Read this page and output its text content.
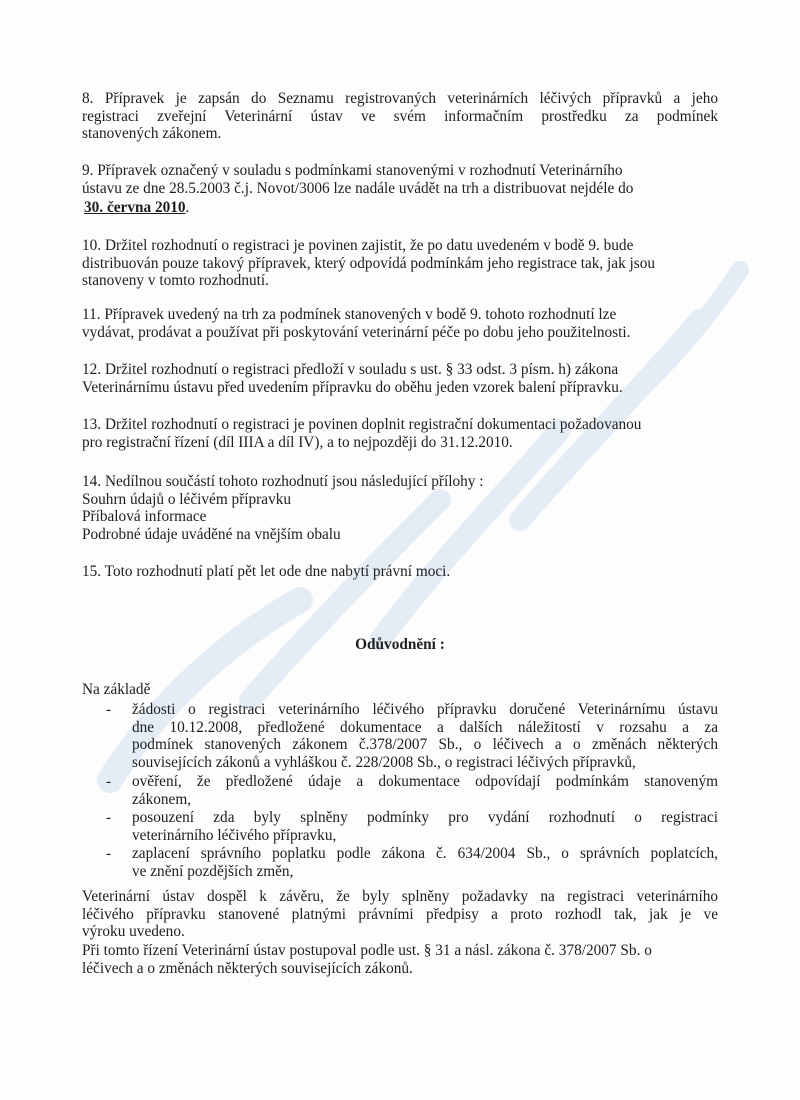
8. Přípravek je zapsán do Seznamu registrovaných veterinárních léčivých přípravků a jeho
registraci zveřejní Veterinární ústav ve svém informačním prostředku za podmínek
stanovených zákonem.
9. Přípravek označený v souladu s podmínkami stanovenými v rozhodnutí Veterinárního
ústavu ze dne 28.5.2003 č.j. Novot/3006 lze nadále uvádět na trh a distribuovat nejdéle do
30. června 2010.
10. Držitel rozhodnutí o registraci je povinen zajistit, že po datu uvedeném v bodě 9. bude
distribuován pouze takový přípravek, který odpovídá podmínkám jeho registrace tak, jak jsou
stanoveny v tomto rozhodnutí.
11. Přípravek uvedený na trh za podmínek stanovených v bodě 9. tohoto rozhodnutí lze
vydávat, prodávat a používat při poskytování veterinární péče po dobu jeho použitelnosti.
12. Držitel rozhodnutí o registraci předloží v souladu s ust. § 33 odst. 3 písm. h) zákona
Veterinárnímu ústavu před uvedením přípravku do oběhu jeden vzorek balení přípravku.
13. Držitel rozhodnutí o registraci je povinen doplnit registrační dokumentaci požadovanou
pro registrační řízení (díl IIIA a díl IV), a to nejpozději do 31.12.2010.
14. Nedílnou součástí tohoto rozhodnutí jsou následující přílohy :
Souhrn údajů o léčivém přípravku
Příbalová informace
Podrobné údaje uváděné na vnějším obalu
15. Toto rozhodnutí platí pět let ode dne nabytí právní moci.
Odůvodnění :
Na základě
- žádosti o registraci veterinárního léčivého přípravku doručené Veterinárnímu ústavu
dne 10.12.2008, předložené dokumentace a dalších náležitostí v rozsahu a za
podmínek stanovených zákonem č.378/2007 Sb., o léčivech a o změnách některých
souvisejících zákonů a vyhláškou č. 228/2008 Sb., o registraci léčivých přípravků,
- ověření, že předložené údaje a dokumentace odpovídají podmínkám stanoveným
zákonem,
- posouzení zda byly splněny podmínky pro vydání rozhodnutí o registraci
veterinárního léčivého přípravku,
- zaplacení správního poplatku podle zákona č. 634/2004 Sb., o správních poplatcích,
ve znění pozdějších změn,
Veterinární ústav dospěl k závěru, že byly splněny požadavky na registraci veterinárního
léčivého přípravku stanovené platnými právními předpisy a proto rozhodl tak, jak je ve
výroku uvedeno.
Při tomto řízení Veterinární ústav postupoval podle ust. § 31 a násl. zákona č. 378/2007 Sb. o
léčivech a o změnách některých souvisejících zákonů.
